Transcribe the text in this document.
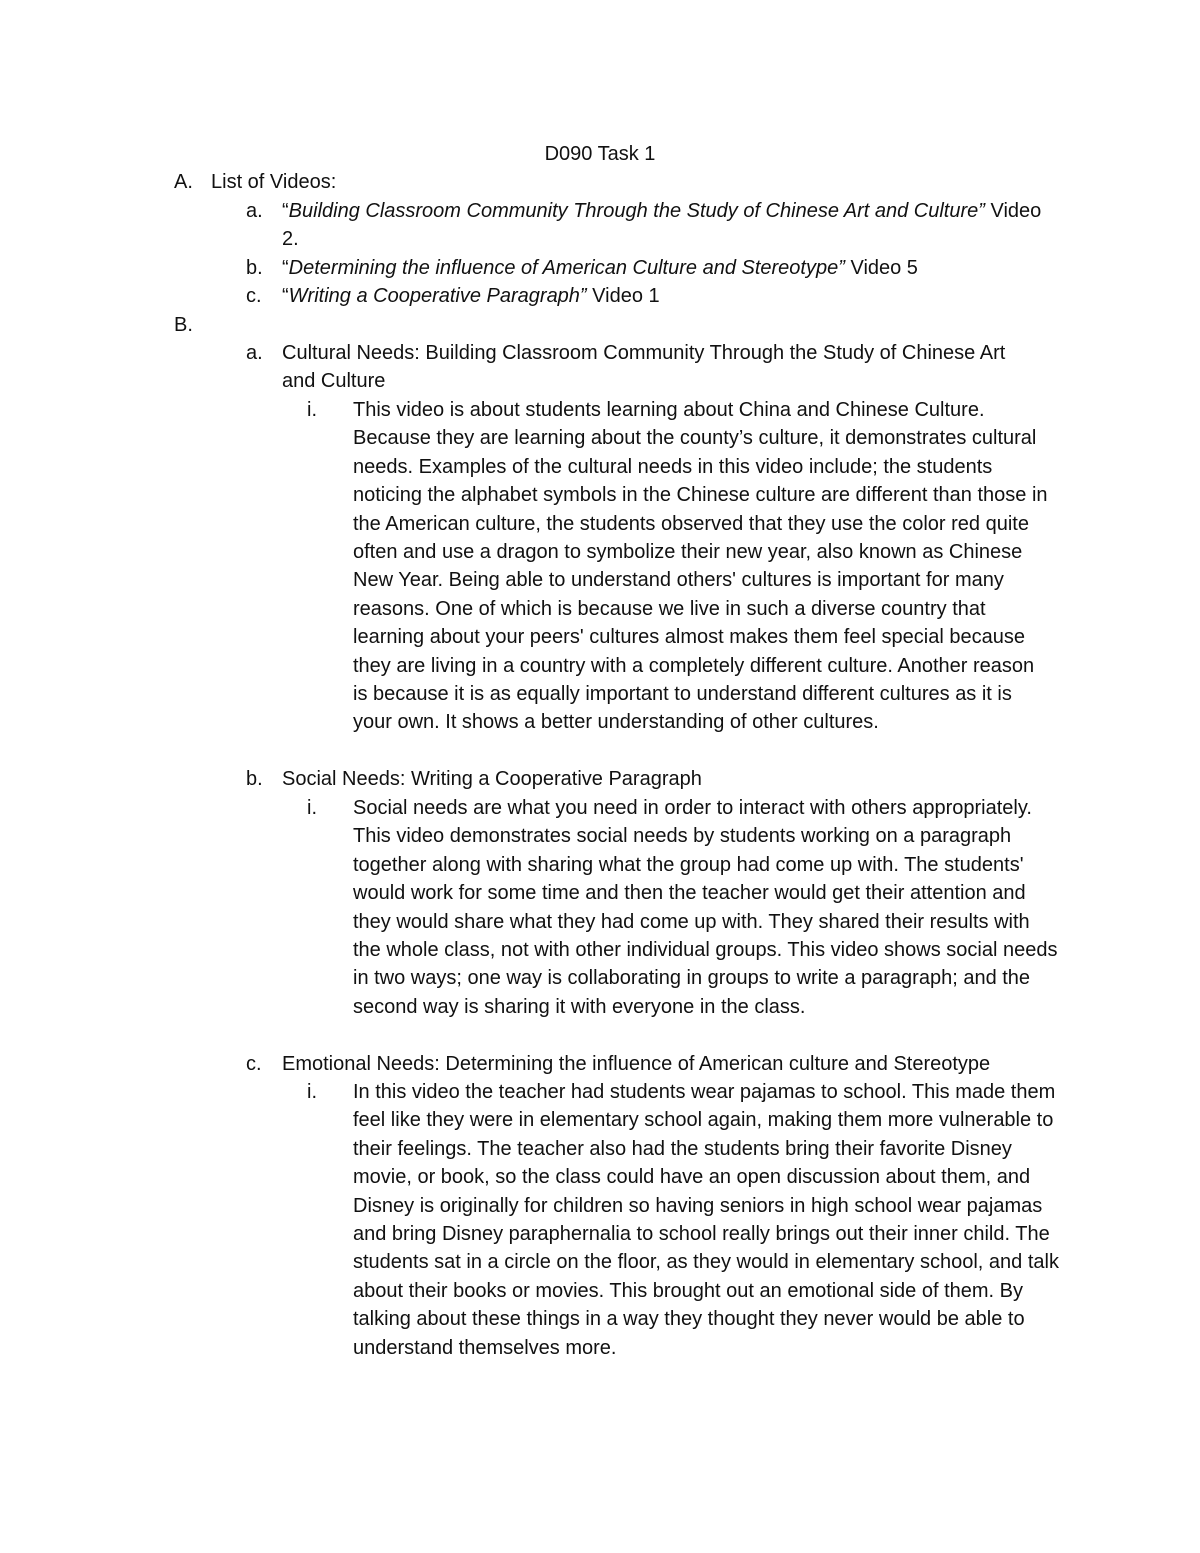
D090 Task 1
A. List of Videos:
a. “Building Classroom Community Through the Study of Chinese Art and Culture” Video 2.
b. “Determining the influence of American Culture and Stereotype” Video 5
c. “Writing a Cooperative Paragraph” Video 1
B.
a. Cultural Needs: Building Classroom Community Through the Study of Chinese Art and Culture
i. This video is about students learning about China and Chinese Culture. Because they are learning about the county’s culture, it demonstrates cultural needs. Examples of the cultural needs in this video include; the students noticing the alphabet symbols in the Chinese culture are different than those in the American culture, the students observed that they use the color red quite often and use a dragon to symbolize their new year, also known as Chinese New Year. Being able to understand others' cultures is important for many reasons. One of which is because we live in such a diverse country that learning about your peers' cultures almost makes them feel special because they are living in a country with a completely different culture. Another reason is because it is as equally important to understand different cultures as it is your own. It shows a better understanding of other cultures.
b. Social Needs: Writing a Cooperative Paragraph
i. Social needs are what you need in order to interact with others appropriately. This video demonstrates social needs by students working on a paragraph together along with sharing what the group had come up with. The students' would work for some time and then the teacher would get their attention and they would share what they had come up with. They shared their results with the whole class, not with other individual groups. This video shows social needs in two ways; one way is collaborating in groups to write a paragraph; and the second way is sharing it with everyone in the class.
c. Emotional Needs: Determining the influence of American culture and Stereotype
i. In this video the teacher had students wear pajamas to school. This made them feel like they were in elementary school again, making them more vulnerable to their feelings. The teacher also had the students bring their favorite Disney movie, or book, so the class could have an open discussion about them, and Disney is originally for children so having seniors in high school wear pajamas and bring Disney paraphernalia to school really brings out their inner child. The students sat in a circle on the floor, as they would in elementary school, and talk about their books or movies. This brought out an emotional side of them. By talking about these things in a way they thought they never would be able to understand themselves more.
